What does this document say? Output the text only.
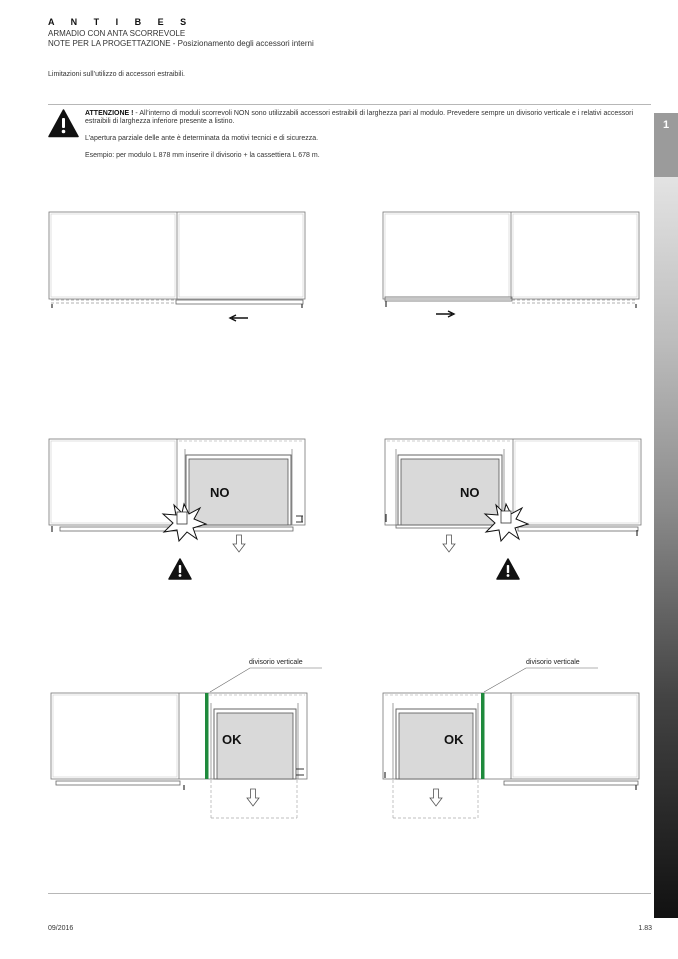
A N T I B E S
ARMADIO CON ANTA SCORREVOLE
NOTE PER LA PROGETTAZIONE - Posizionamento degli accessori interni
Limitazioni sull’utilizzo di accessori estraibili.

ATTENZIONE ! - All’interno di moduli scorrevoli NON sono utilizzabili accessori estraibili di larghezza pari al modulo. Prevedere sempre un divisorio verticale e i relativi accessori estraibili di larghezza inferiore presente a listino.

L’apertura parziale delle ante è determinata da motivi tecnici e di sicurezza.

Esempio: per modulo L 878 mm inserire il divisorio + la cassettiera L 678 m.

1
NO	NO
OK
divisorio verticale
OK
divisorio verticale
09/2016	1.83
